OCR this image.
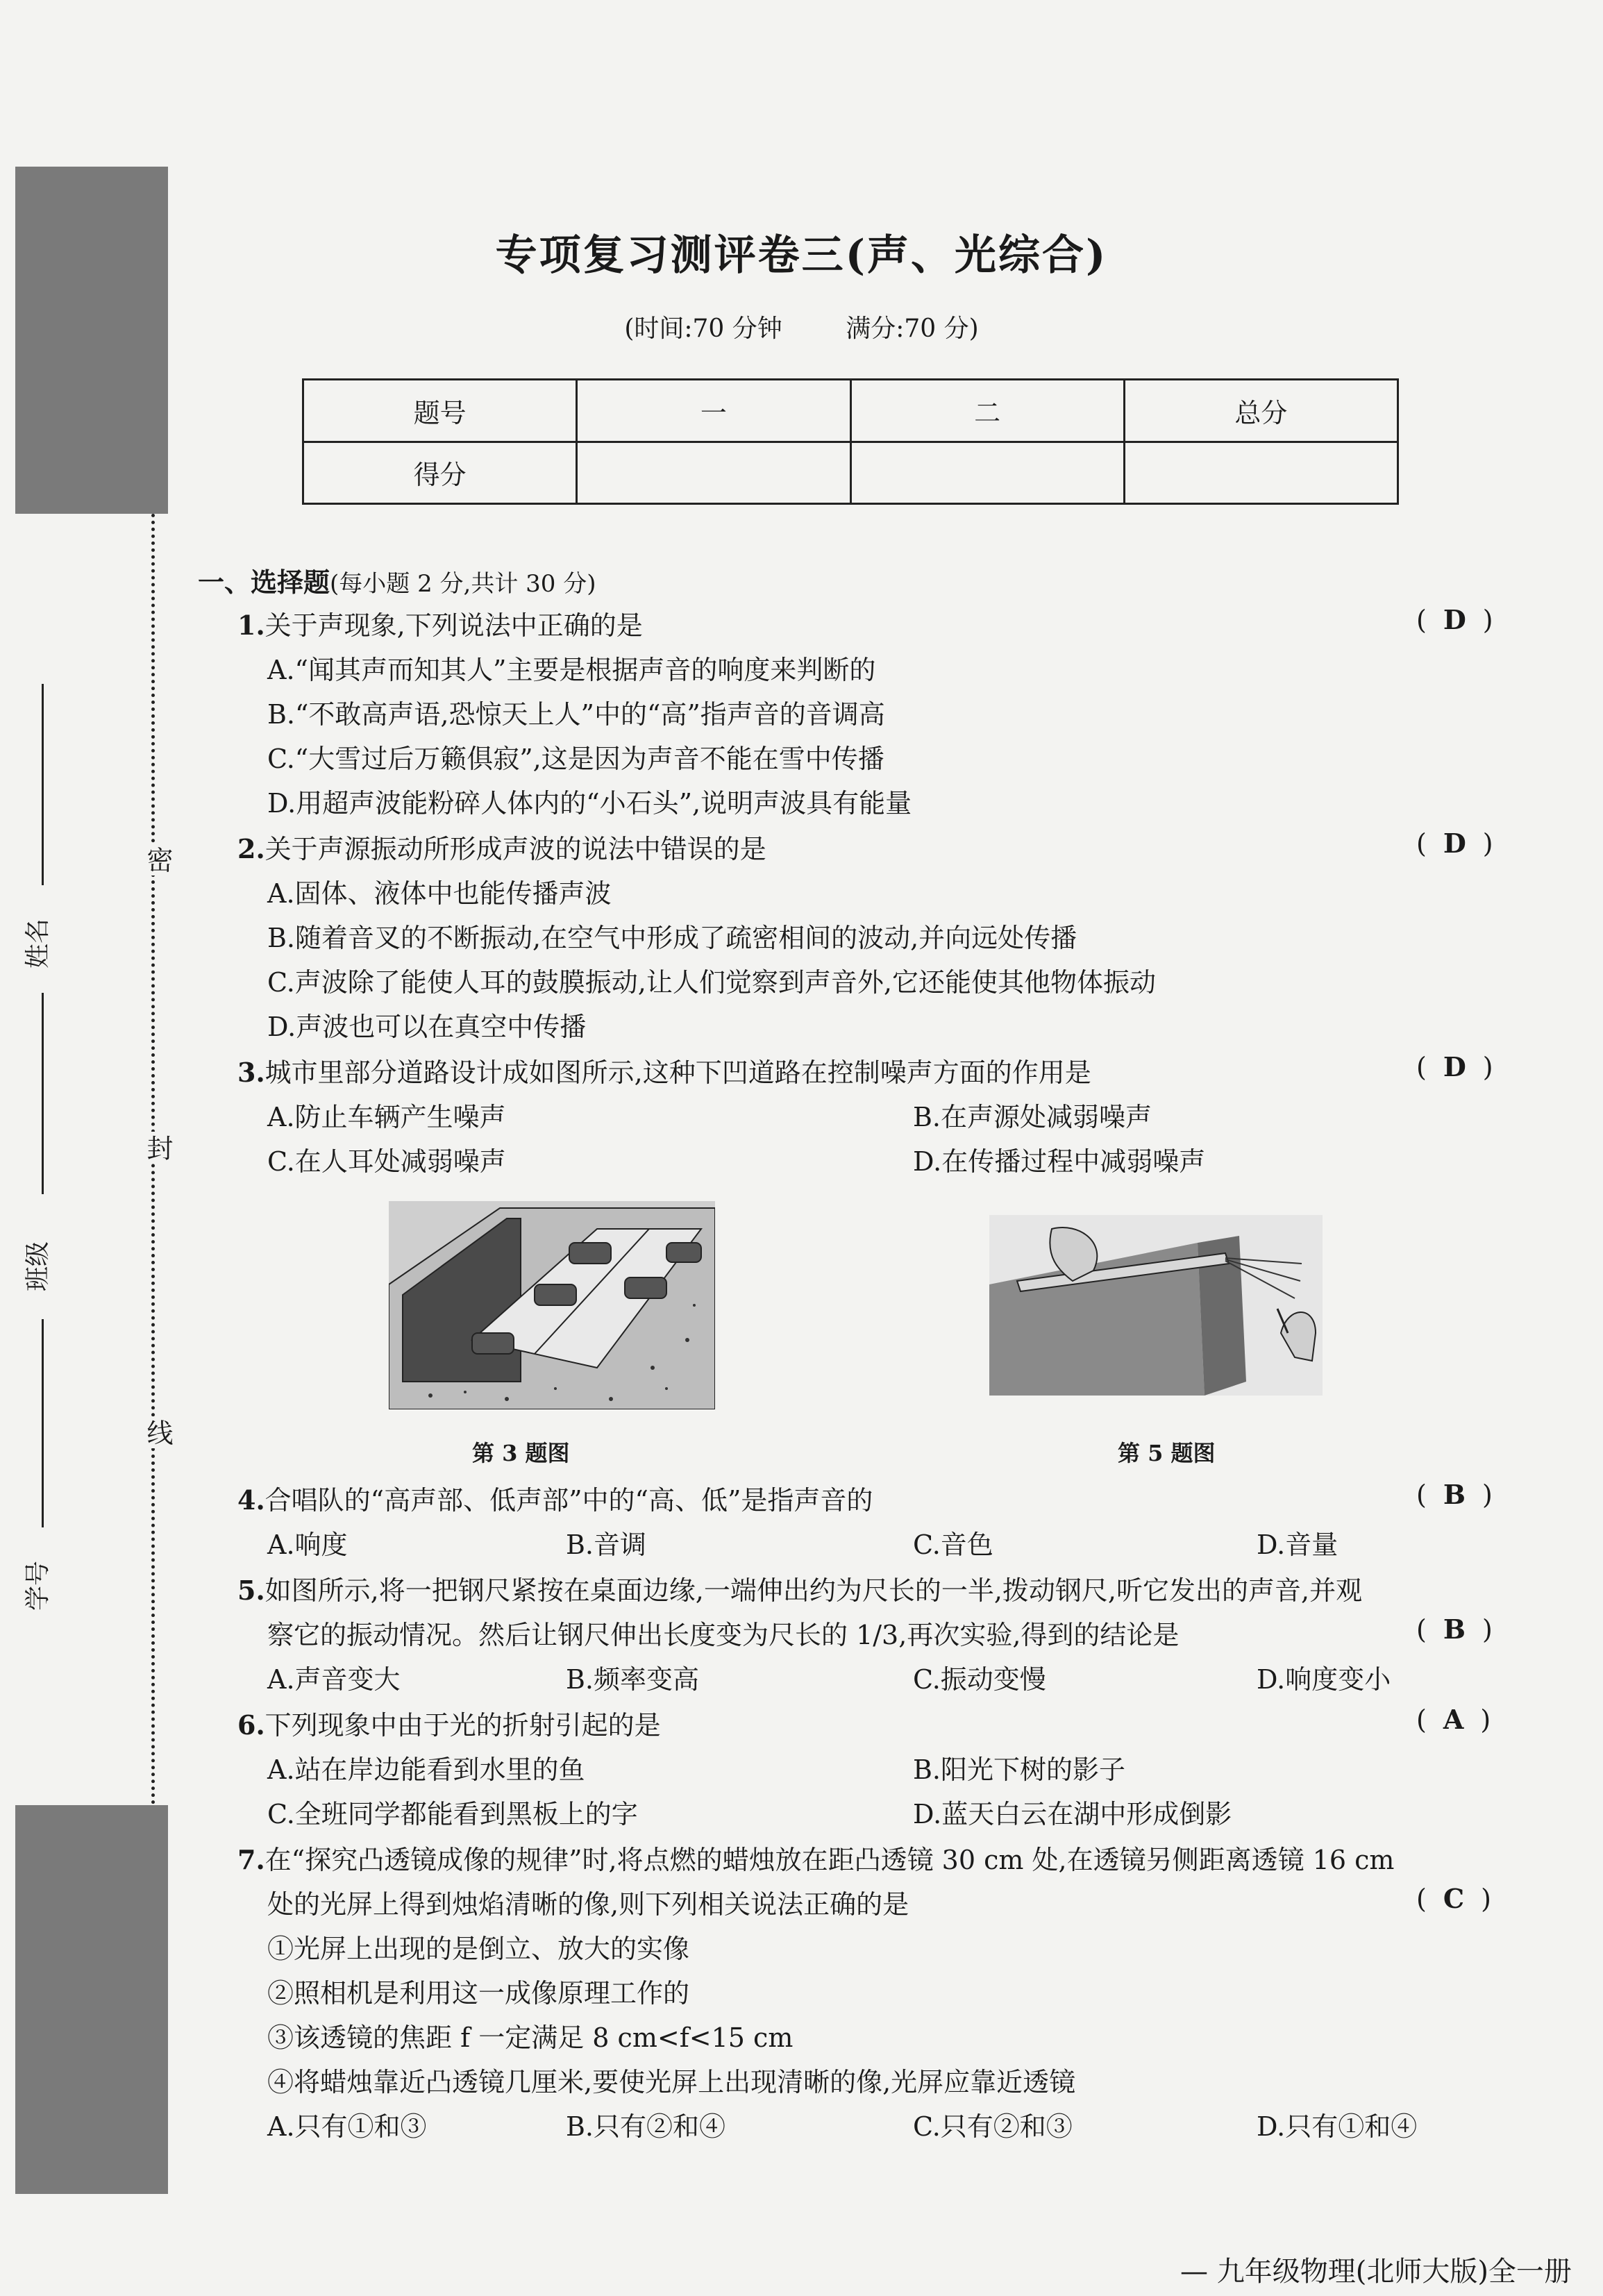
密
封
线
姓名
班级
学号
专项复习测评卷三(声、光综合)
(时间:70 分钟	满分:70 分)
题号	一	二	总分
得分			
一、选择题(每小题 2 分,共计 30 分)
1.关于声现象,下列说法中正确的是	( D )
A.“闻其声而知其人”主要是根据声音的响度来判断的
B.“不敢高声语,恐惊天上人”中的“高”指声音的音调高
C.“大雪过后万籁俱寂”,这是因为声音不能在雪中传播
D.用超声波能粉碎人体内的“小石头”,说明声波具有能量
2.关于声源振动所形成声波的说法中错误的是	( D )
A.固体、液体中也能传播声波
B.随着音叉的不断振动,在空气中形成了疏密相间的波动,并向远处传播
C.声波除了能使人耳的鼓膜振动,让人们觉察到声音外,它还能使其他物体振动
D.声波也可以在真空中传播
3.城市里部分道路设计成如图所示,这种下凹道路在控制噪声方面的作用是	( D )
A.防止车辆产生噪声	B.在声源处减弱噪声
C.在人耳处减弱噪声	D.在传播过程中减弱噪声
第 3 题图	第 5 题图
4.合唱队的“高声部、低声部”中的“高、低”是指声音的	( B )
A.响度	B.音调	C.音色	D.音量
5.如图所示,将一把钢尺紧按在桌面边缘,一端伸出约为尺长的一半,拨动钢尺,听它发出的声音,并观
察它的振动情况。然后让钢尺伸出长度变为尺长的 1/3,再次实验,得到的结论是	( B )
A.声音变大	B.频率变高	C.振动变慢	D.响度变小
6.下列现象中由于光的折射引起的是	( A )
A.站在岸边能看到水里的鱼	B.阳光下树的影子
C.全班同学都能看到黑板上的字	D.蓝天白云在湖中形成倒影
7.在“探究凸透镜成像的规律”时,将点燃的蜡烛放在距凸透镜 30 cm 处,在透镜另侧距离透镜 16 cm
处的光屏上得到烛焰清晰的像,则下列相关说法正确的是	( C )
①光屏上出现的是倒立、放大的实像
②照相机是利用这一成像原理工作的
③该透镜的焦距 f 一定满足 8 cm<f<15 cm
④将蜡烛靠近凸透镜几厘米,要使光屏上出现清晰的像,光屏应靠近透镜
A.只有①和③	B.只有②和④	C.只有②和③	D.只有①和④
— 九年级物理(北师大版)全一册
